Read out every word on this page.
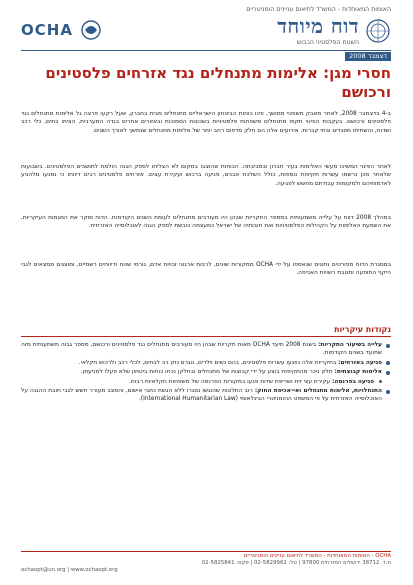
האומות המאוחדות - המשרד לתיאום עניינים הומניטריים
דוח מיוחד
השטח הפלסטיני הכבוש
OCHA
דצמבר 2008
חסרי מגן: אלימות מתנחלים נגד אזרחים פלסטינים ורכושם
ב-4 בדצמבר 2008, לאחר מאבק משפטי ממושך, פינו כוחות הביטחון הישראליים מתנחלים מבית בחברון, שעל רקעו פרצה גל אלימות מתנחלים נגד פלסטינים ורכושם. בעקבות הפינוי תקפו מתנחלים משפחות פלסטיניות בשכונות הסמוכות ובאזורים אחרים בגדה המערבית, הציתו בתים, כלי רכב ושדות, והשחיתו מסגדים ובתי קברות. אירועים אלה הם חלק מדפוס רחב יותר של אלימות מתנחלים שנמשך לאורך השנים.
לאחר הפינוי המשיכו מעשי האלימות בעיר חברון ובסביבתה. הכוחות שהוצבו במקום לא הצליחו לספק הגנה הולמת לתושבים הפלסטינים. בשבועות שלאחר מכן נרשמו עשרות תקיפות נוספות, כולל השלכת אבנים, פגיעה ברכוש ועקירת עצים. אזרחים פלסטינים רבים דיווחו כי נמנעו מלהגיע לאדמותיהם ולמקומות עבודתם מחשש לפגיעה.
במהלך 2008 דווח על עלייה משמעותית במספר התקריות שבהן היו מעורבים מתנחלים לעומת השנים הקודמות. הדוח סוקר את המגמות העיקריות, את השפעת האלימות על הקהילות הפלסטיניות ואת חובותיה של ישראל כמעצמה כובשת לספק הגנה לאוכלוסייה האזרחית.
במסגרת הדוח מפורטים נתונים שנאספו על ידי OCHA ממקורות שונים, לרבות ארגוני זכויות אדם, גורמי שטח ודיווחים רשמיים, ומוצגים ממצאים לגבי היקף התופעה ותגובת רשויות האכיפה.
נקודות עיקריות
עלייה בשיעור התקריות: בשנת 2008 תיעד OCHA מאות תקריות שבהן היו מעורבים מתנחלים נגד פלסטינים ורכושם, מספר גבוה משמעותית מזה שתועד בשנים הקודמות.
פגיעה באזרחים: בתקריות אלה נפגעו עשרות פלסטינים, בהם נשים וילדים, ונגרם נזק רב לבתים, לכלי רכב ולרכוש חקלאי.
אלימות קבוצתית: חלק ניכר מהתקיפות בוצע על ידי קבוצות של מתנחלים ובחלקן נכחו כוחות ביטחון שלא פעלו למניעתן.
פגיעה בפרנסה: עקירת עצי זית ושריפת שדות פגעו במקורות הפרנסה של משפחות חקלאיות רבות.
התנחלויות, אלימות מתנחלים ואי-אכיפת החוק: רוב התלונות שהוגשו נסגרו ללא הגשת כתבי אישום, והמצב מעורר חשש לגבי חובת ההגנה על האוכלוסייה האזרחית על פי המשפט ההומניטרי הבינלאומי (International Humanitarian Law).
OCHA - האומות המאוחדות - המשרד לתיאום עניינים הומניטריים
ת.ד. 38712 ירושלים המזרחית 97800 | טל: 02-5829962 | פקס: 02-5825841
ochaopt@un.org | www.ochaopt.org
